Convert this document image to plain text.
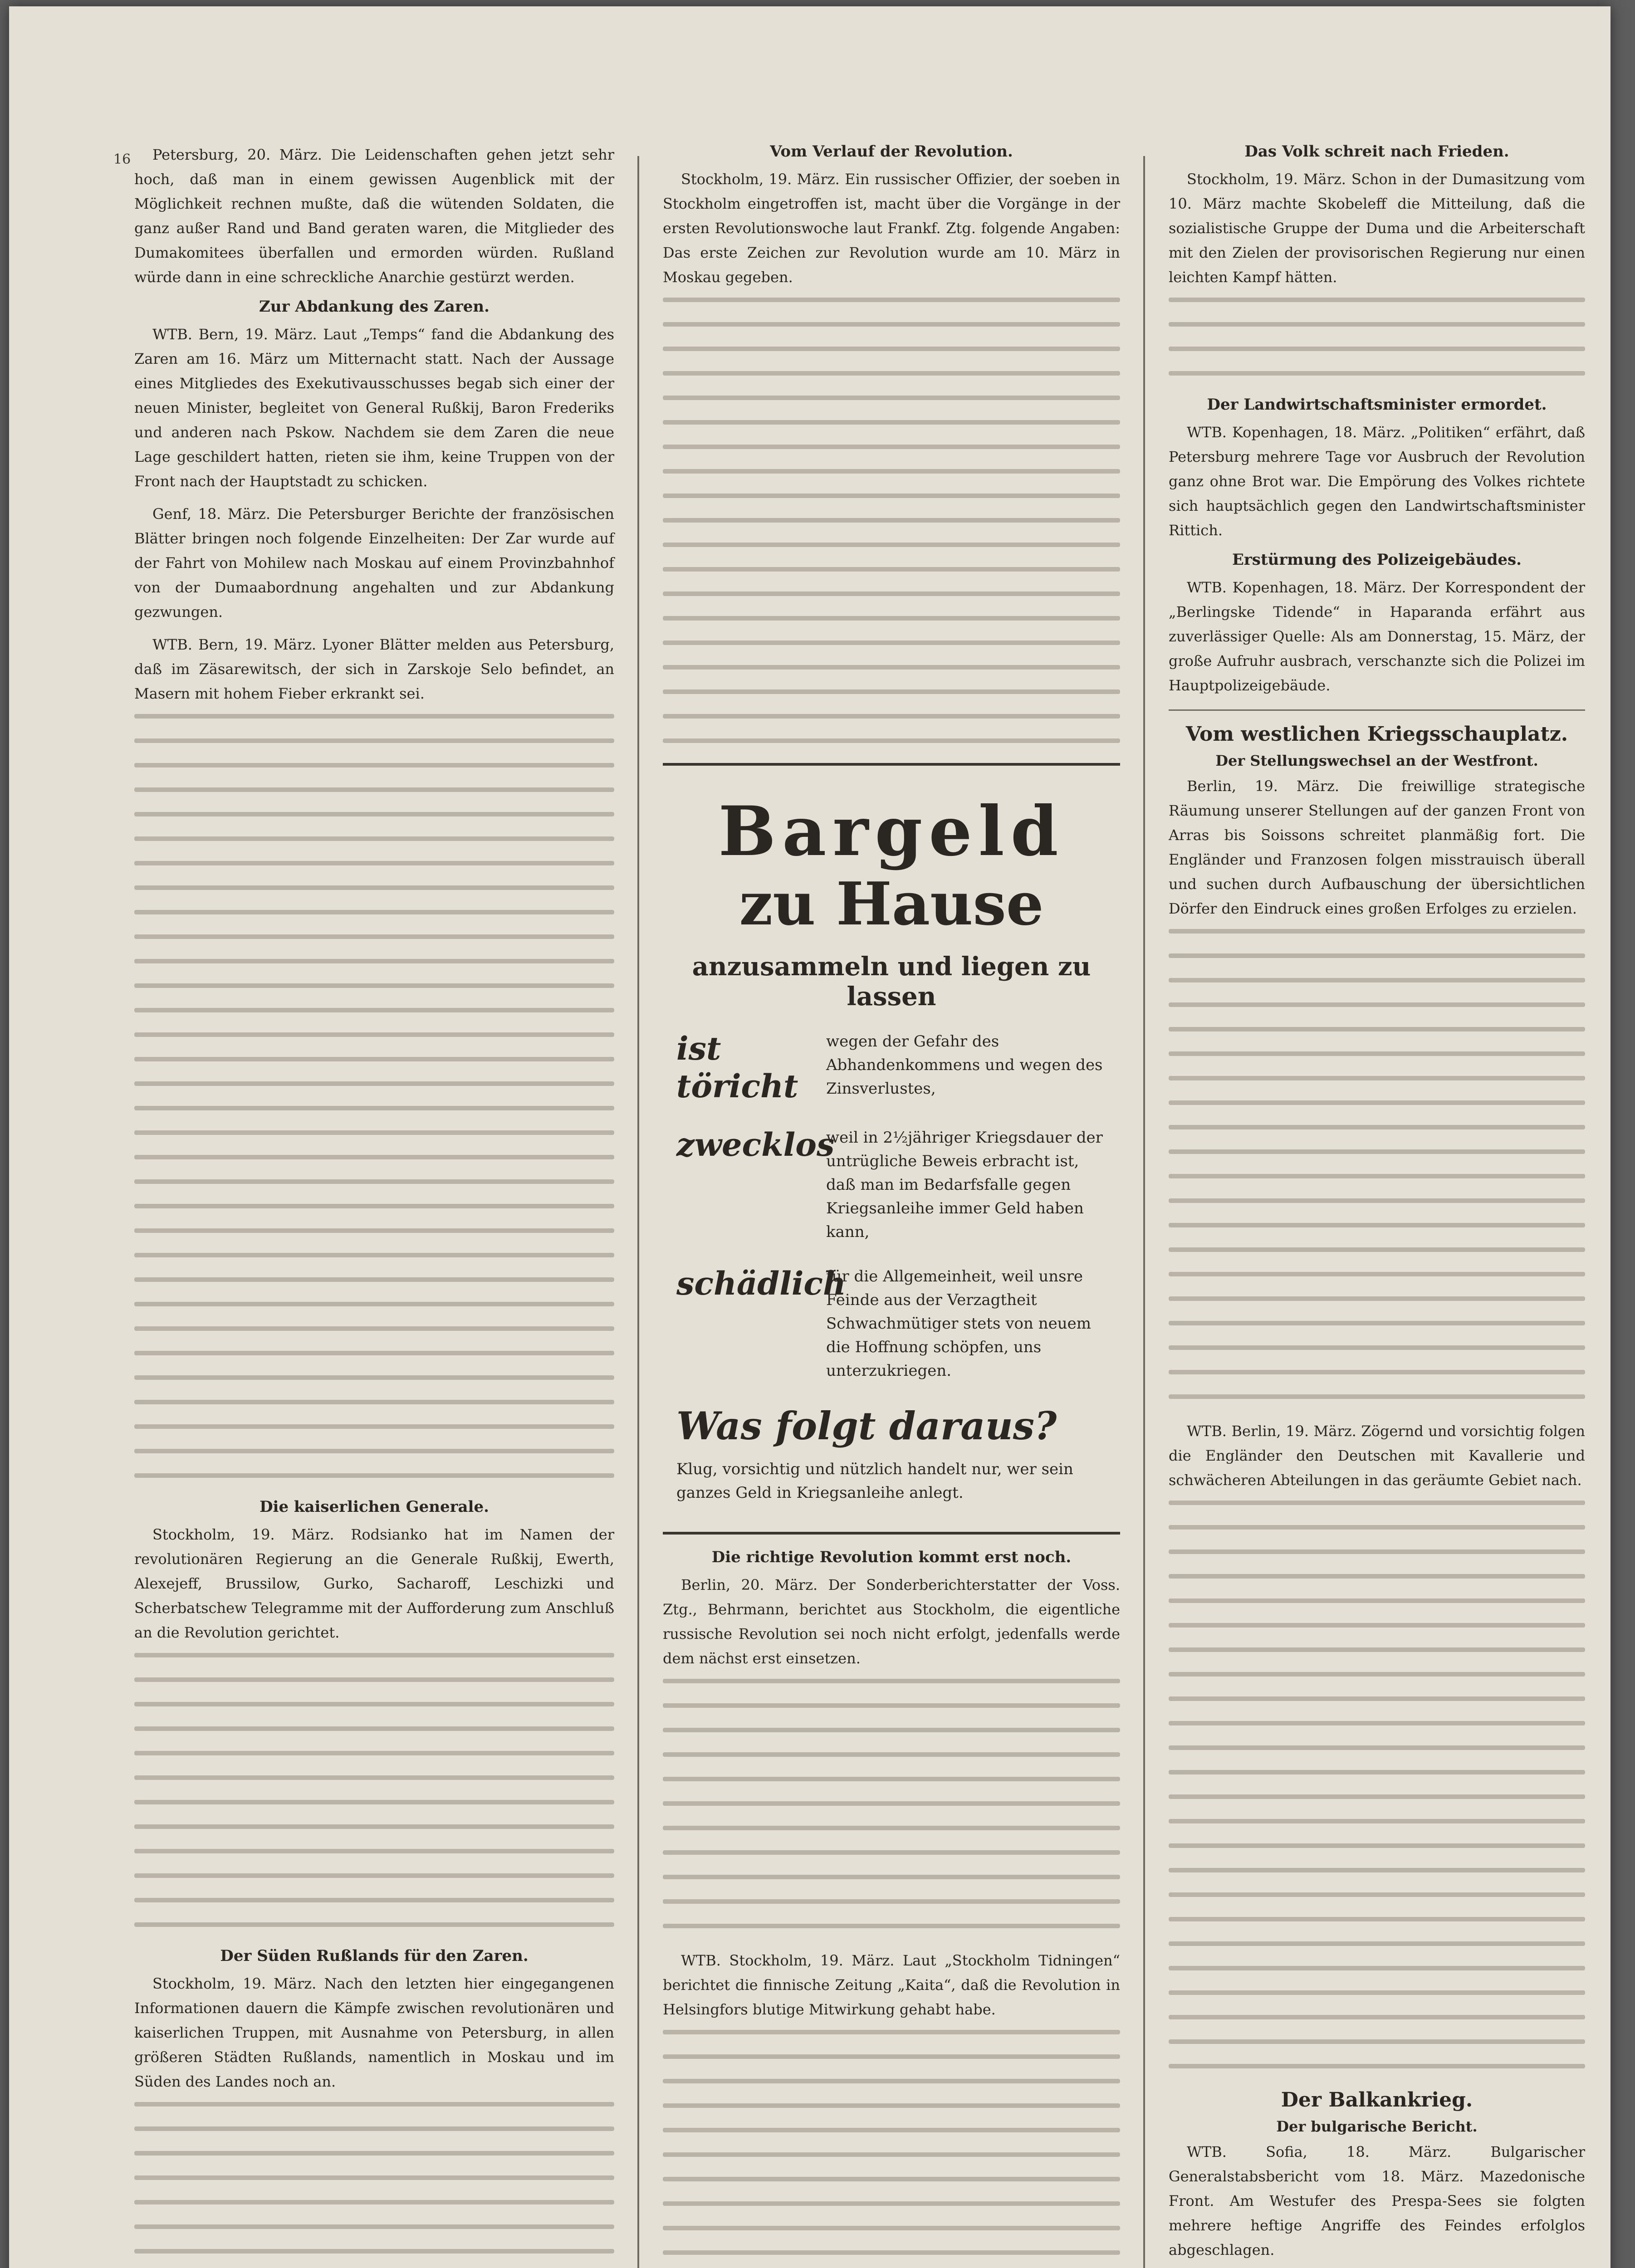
16	Petersburg, 20. März. Die Leidenschaften gehen jetzt sehr hoch, daß man in einem gewissen Augenblick mit der Möglichkeit rechnen mußte, daß die wütenden Soldaten, die ganz außer Rand und Band geraten waren, die Mitglieder des Dumakomitees überfallen und ermorden würden. Rußland würde dann in eine schreckliche Anarchie gestürzt werden.

Zur Abdankung des Zaren.

WTB. Bern, 19. März. Laut „Temps“ fand die Abdankung des Zaren am 16. März um Mitternacht statt. Nach der Aussage eines Mitgliedes des Exekutivausschusses begab sich einer der neuen Minister, begleitet von General Rußkij, Baron Frederiks und anderen nach Pskow. Nachdem sie dem Zaren die neue Lage geschildert hatten, rieten sie ihm, keine Truppen von der Front nach der Hauptstadt zu schicken.

Genf, 18. März. Die Petersburger Berichte der französischen Blätter bringen noch folgende Einzelheiten: Der Zar wurde auf der Fahrt von Mohilew nach Moskau auf einem Provinzbahnhof von der Dumaabordnung angehalten und zur Abdankung gezwungen.

WTB. Bern, 19. März. Lyoner Blätter melden aus Petersburg, daß im Zäsarewitsch, der sich in Zarskoje Selo befindet, an Masern mit hohem Fieber erkrankt sei.

Die kaiserlichen Generale.

Stockholm, 19. März. Rodsianko hat im Namen der revolutionären Regierung an die Generale Rußkij, Ewerth, Alexejeff, Brussilow, Gurko, Sacharoff, Leschizki und Scherbatschew Telegramme mit der Aufforderung zum Anschluß an die Revolution gerichtet.

Der Süden Rußlands für den Zaren.

Stockholm, 19. März. Nach den letzten hier eingegangenen Informationen dauern die Kämpfe zwischen revolutionären und kaiserlichen Truppen, mit Ausnahme von Petersburg, in allen größeren Städten Rußlands, namentlich in Moskau und im Süden des Landes noch an.

Vom Verlauf der Revolution.

Stockholm, 19. März. Ein russischer Offizier, der soeben in Stockholm eingetroffen ist, macht über die Vorgänge in der ersten Revolutionswoche laut Frankf. Ztg. folgende Angaben: Das erste Zeichen zur Revolution wurde am 10. März in Moskau gegeben.

Bargeld
zu Hause
anzusammeln und liegen zu lassen
ist töricht
wegen der Gefahr des Abhandenkommens und wegen des Zinsverlustes,
zwecklos
weil in 2½jähriger Kriegsdauer der untrügliche Beweis erbracht ist, daß man im Bedarfsfalle gegen Kriegsanleihe immer Geld haben kann,
schädlich
für die Allgemeinheit, weil unsre Feinde aus der Verzagtheit Schwachmütiger stets von neuem die Hoffnung schöpfen, uns unterzukriegen.
Was folgt daraus?
Klug, vorsichtig und nützlich handelt nur, wer sein ganzes Geld in Kriegsanleihe anlegt.
Die richtige Revolution kommt erst noch.

Berlin, 20. März. Der Sonderberichterstatter der Voss. Ztg., Behrmann, berichtet aus Stockholm, die eigentliche russische Revolution sei noch nicht erfolgt, jedenfalls werde dem nächst erst einsetzen.

WTB. Stockholm, 19. März. Laut „Stockholm Tidningen“ berichtet die finnische Zeitung „Kaita“, daß die Revolution in Helsingfors blutige Mitwirkung gehabt habe.

Das Volk schreit nach Frieden.

Stockholm, 19. März. Schon in der Dumasitzung vom 10. März machte Skobeleff die Mitteilung, daß die sozialistische Gruppe der Duma und die Arbeiterschaft mit den Zielen der provisorischen Regierung nur einen leichten Kampf hätten.

Der Landwirtschaftsminister ermordet.

WTB. Kopenhagen, 18. März. „Politiken“ erfährt, daß Petersburg mehrere Tage vor Ausbruch der Revolution ganz ohne Brot war. Die Empörung des Volkes richtete sich hauptsächlich gegen den Landwirtschaftsminister Rittich.

Erstürmung des Polizeigebäudes.

WTB. Kopenhagen, 18. März. Der Korrespondent der „Berlingske Tidende“ in Haparanda erfährt aus zuverlässiger Quelle: Als am Donnerstag, 15. März, der große Aufruhr ausbrach, verschanzte sich die Polizei im Hauptpolizeigebäude.

Vom westlichen Kriegsschauplatz.
Der Stellungswechsel an der Westfront.

Berlin, 19. März. Die freiwillige strategische Räumung unserer Stellungen auf der ganzen Front von Arras bis Soissons schreitet planmäßig fort. Die Engländer und Franzosen folgen misstrauisch überall und suchen durch Aufbauschung der übersichtlichen Dörfer den Eindruck eines großen Erfolges zu erzielen.

WTB. Berlin, 19. März. Zögernd und vorsichtig folgen die Engländer den Deutschen mit Kavallerie und schwächeren Abteilungen in das geräumte Gebiet nach.

Der Balkankrieg.
Der bulgarische Bericht.

WTB. Sofia, 18. März. Bulgarischer Generalstabsbericht vom 18. März. Mazedonische Front. Am Westufer des Prespa-Sees sie folgten mehrere heftige Angriffe des Feindes erfolglos abgeschlagen.
